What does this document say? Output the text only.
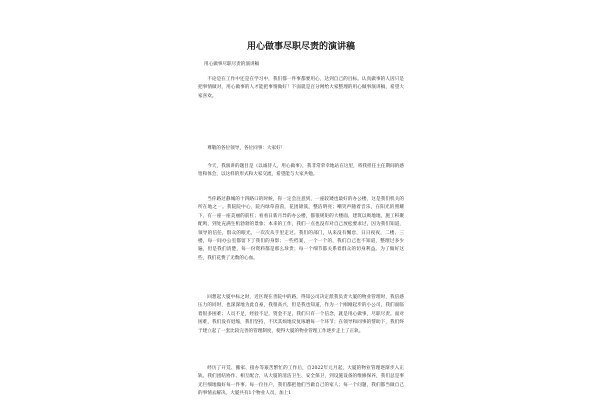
用心做事尽职尽责的演讲稿

用心做事尽职尽责的演讲稿

不论是在工作中还是在学习中，我们都一件事都要用心，达到自己的目标。认真做事的人因只是把事情做对，用心做事的人才能把事情做好！下面就是百分网给大家整理的用心做事演讲稿，希望大家喜欢。

尊敬的各位领导，各位同事：大家好！

今天，我演讲的题目是《以诚待人，用心做事》，我非常荣幸地站在这里，将我担任主任期间的感悟和体会，以这样的形式和大家交流，希望能与大家共勉。

当你路过静城的十四路口的时候，你一定会注意到，一座较矮也最好的办公楼，这是我们机关的所在地之一。我院院中心，院内绿草茵茵，花团锦簇，整洁明亮；嘲笑声随着音乐，在阳光的照耀下，有一座一座美丽的前杠；看看日新月异的办公楼，都很规矩的大楼面，建筑以吸地地，施工积聚配鸣，到处充满生机勃勃的景象；本来的工作，我们一点也没有对自己放松要求过，因为我们知道，领导的信任，群众的眼光，一次次从手里走过。我们的部门，从来没有懈怠，日日夜夜，二楼、三楼，每一间办公室都留下了我们的身影；一些档案，一个一个的，我们自己也不知道，整理过多少遍，但是我们清楚，每一份资料都是那么珍贵；每一个细节都关系着群众的切身利益。为了做好这些，我们花费了无数的心血。

回想起大厦中标之时，近区现在善院中的路，得知公司决定派我负责大厦的物业管理时，我倍感压力的同时，也深深地为此自豪，我很高兴，但是我也知道，作为一个刚刚起步的小公司，我们面临着很多困难；人员不足，经验不足，资金不足，我们只有一个信念，就是用心做事，尽职尽责。面对困难，我们没有退缩，我们坚持，不厌其烦地反复琢磨每一个环节；在领导和同事的帮助下，我们终于建立起了一套比较完善的管理制度，使得大厦的物业管理工作逐步走上了正轨。

经历了开荒、搬家、接办等艰苦繁忙的工作后，自2022年元月起，大厦的物业管理逐渐步入正轨。我们团结协作、相互配合，从大厦的清洁卫生、安全保卫，到设施设备的维修保养，我们总是事无巨细地做好每一件事。每一位住户，我们都把他们当做自己的家人；每一个问题，我们都当做自己的事情去解决。大厦共有1个物业人员，加上1
